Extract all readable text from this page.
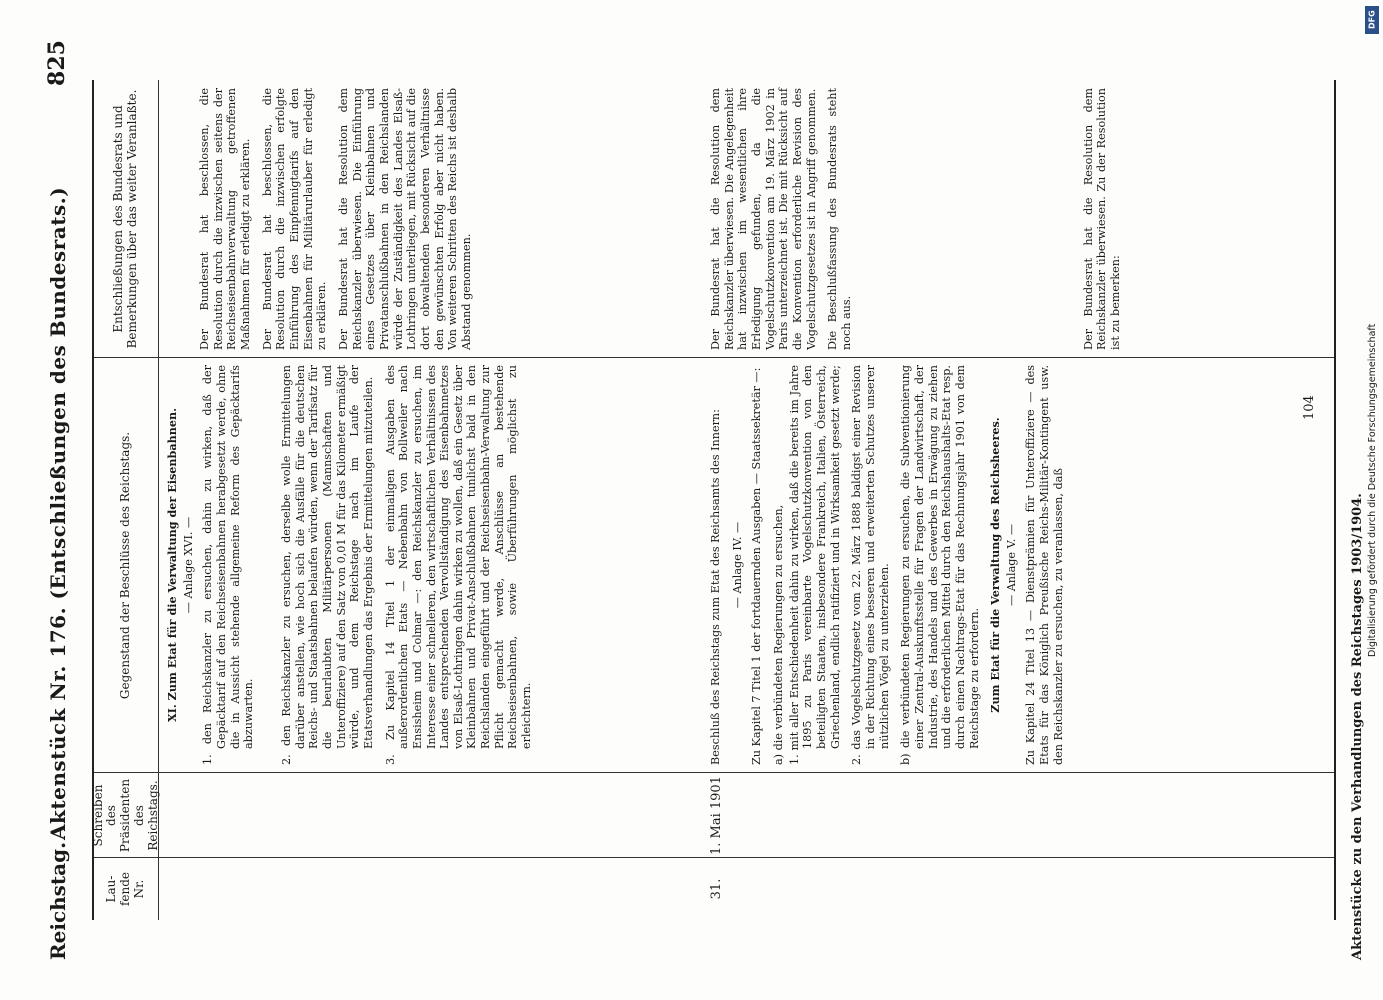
Reichstag.
Aktenstück Nr. 176. (Entschließungen des Bundesrats.)
825
Lau-fende Nr.
Schreiben des Präsidenten des Reichstags.
Gegenstand der Beschlüsse des Reichstags.
Entschließungen des Bundesrats und Bemerkungen über das weiter Veranlaßte.
XI. Zum Etat für die Verwaltung der Eisenbahnen. — Anlage XVI. — 1. den Reichskanzler zu ersuchen, dahin zu wirken, daß der Gepäcktarif auf den Reichseisenbahnen herabgesetzt werde, ohne die in Aussicht stehende allgemeine Reform des Gepäcktarifs abzuwarten. 2. den Reichskanzler zu ersuchen, derselbe wolle Ermittelungen darüber anstellen, wie hoch sich die Ausfälle für die deutschen Reichs- und Staatsbahnen belaufen würden, wenn der Tarifsatz für die beurlaubten Militärpersonen (Mannschaften und Unteroffiziere) auf den Satz von 0,01 M für das Kilometer ermäßigt würde, und dem Reichstage nach im Laufe der Etatsverhandlungen das Ergebnis der Ermittelungen mitzuteilen. 3. Zu Kapitel 14 Titel 1 der einmaligen Ausgaben des außerordentlichen Etats — Nebenbahn von Bollweiler nach Ensisheim und Colmar —: den Reichskanzler zu ersuchen, im Interesse einer schnelleren, den wirtschaftlichen Verhältnissen des Landes entsprechenden Vervollständigung des Eisenbahnnetzes von Elsaß-Lothringen dahin wirken zu wollen, daß ein Gesetz über Kleinbahnen und Privat-Anschlußbahnen tunlichst bald in den Reichslanden eingeführt und der Reichseisenbahn-Verwaltung zur Pflicht gemacht werde, Anschlüsse an bestehende Reichseisenbahnen, sowie Überführungen möglichst zu erleichtern.
Der Bundesrat hat beschlossen, die Resolution durch die inzwischen seitens der Reichseisenbahnverwaltung getroffenen Maßnahmen für erledigt zu erklären. Der Bundesrat hat beschlossen, die Resolution durch die inzwischen erfolgte Einführung des Einpfennigtarifs auf den Eisenbahnen für Militärurlauber für erledigt zu erklären. Der Bundesrat hat die Resolution dem Reichskanzler überwiesen. Die Einführung eines Gesetzes über Kleinbahnen und Privatanschlußbahnen in den Reichslanden würde der Zuständigkeit des Landes Elsaß-Lothringen unterliegen, mit Rücksicht auf die dort obwaltenden besonderen Verhältnisse den gewünschten Erfolg aber nicht haben. Von weiteren Schritten des Reichs ist deshalb Abstand genommen.
31.
1. Mai 1901
Beschluß des Reichstags zum Etat des Reichsamts des Innern: — Anlage IV. — Zu Kapitel 7 Titel 1 der fortdauernden Ausgaben — Staatssekretär —: a) die verbündeten Regierungen zu ersuchen, 1. mit aller Entschiedenheit dahin zu wirken, daß die bereits im Jahre 1895 zu Paris vereinbarte Vogelschutzkonvention von den beteiligten Staaten, insbesondere Frankreich, Italien, Österreich, Griechenland, endlich ratifiziert und in Wirksamkeit gesetzt werde; 2. das Vogelschutzgesetz vom 22. März 1888 baldigst einer Revision in der Richtung eines besseren und erweiterten Schutzes unserer nützlichen Vögel zu unterziehen. b) die verbündeten Regierungen zu ersuchen, die Subventionierung einer Zentral-Auskunftsstelle für Fragen der Landwirtschaft, der Industrie, des Handels und des Gewerbes in Erwägung zu ziehen und die erforderlichen Mittel durch den Reichshaushalts-Etat resp. durch einen Nachtrags-Etat für das Rechnungsjahr 1901 von dem Reichstage zu erfordern. Zum Etat für die Verwaltung des Reichsheeres. — Anlage V. — Zu Kapitel 24 Titel 13 — Dienstprämien für Unteroffiziere — des Etats für das Königlich Preußische Reichs-Militär-Kontingent usw. den Reichskanzler zu ersuchen, zu veranlassen, daß
Der Bundesrat hat die Resolution dem Reichskanzler überwiesen. Die Angelegenheit hat inzwischen im wesentlichen ihre Erledigung gefunden, da die Vogelschutzkonvention am 19. März 1902 in Paris unterzeichnet ist. Die mit Rücksicht auf die Konvention erforderliche Revision des Vogelschutzgesetzes ist in Angriff genommen. Die Beschlußfassung des Bundesrats steht noch aus.	Der Bundesrat hat die Resolution dem Reichskanzler überwiesen. Zu der Resolution ist zu bemerken:
Aktenstücke zu den Verhandlungen des Reichstages 1903/1904.
104
DFG
Digitalisierung gefördert durch die Deutsche Forschungsgemeinschaft
